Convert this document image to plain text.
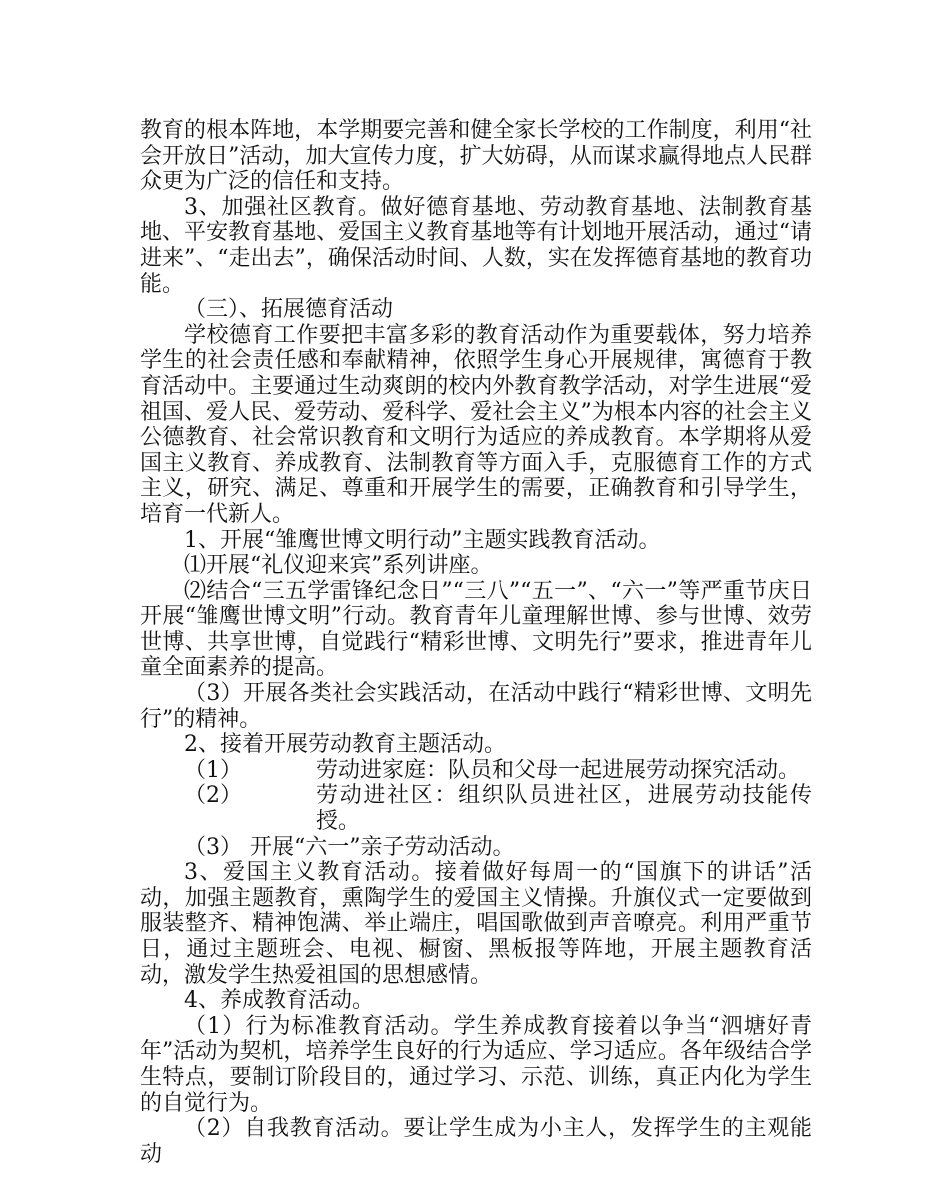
教育的根本阵地，本学期要完善和健全家长学校的工作制度，利用“社会开放日”活动，加大宣传力度，扩大妨碍，从而谋求赢得地点人民群众更为广泛的信任和支持。

3、加强社区教育。做好德育基地、劳动教育基地、法制教育基地、平安教育基地、爱国主义教育基地等有计划地开展活动，通过“请进来”、“走出去”，确保活动时间、人数，实在发挥德育基地的教育功能。

（三）、拓展德育活动

学校德育工作要把丰富多彩的教育活动作为重要载体，努力培养学生的社会责任感和奉献精神，依照学生身心开展规律，寓德育于教育活动中。主要通过生动爽朗的校内外教育教学活动，对学生进展“爱祖国、爱人民、爱劳动、爱科学、爱社会主义”为根本内容的社会主义公德教育、社会常识教育和文明行为适应的养成教育。本学期将从爱国主义教育、养成教育、法制教育等方面入手，克服德育工作的方式主义，研究、满足、尊重和开展学生的需要，正确教育和引导学生，培育一代新人。

1、开展“雏鹰世博文明行动”主题实践教育活动。

⑴开展“礼仪迎来宾”系列讲座。

⑵结合“三五学雷锋纪念日”“三八”“五一”、“六一”等严重节庆日开展“雏鹰世博文明”行动。教育青年儿童理解世博、参与世博、效劳世博、共享世博，自觉践行“精彩世博、文明先行”要求，推进青年儿童全面素养的提高。

（3）开展各类社会实践活动，在活动中践行“精彩世博、文明先行”的精神。

2、接着开展劳动教育主题活动。

（1）	劳动进家庭：队员和父母一起进展劳动探究活动。
（2）	劳动进社区：组织队员进社区，进展劳动技能传授。
（3） 开展“六一”亲子劳动活动。

3、爱国主义教育活动。接着做好每周一的“国旗下的讲话”活动，加强主题教育，熏陶学生的爱国主义情操。升旗仪式一定要做到服装整齐、精神饱满、举止端庄，唱国歌做到声音嘹亮。利用严重节日，通过主题班会、电视、橱窗、黑板报等阵地，开展主题教育活动，激发学生热爱祖国的思想感情。

4、养成教育活动。

（1）行为标准教育活动。学生养成教育接着以争当“泗塘好青年”活动为契机，培养学生良好的行为适应、学习适应。各年级结合学生特点，要制订阶段目的，通过学习、示范、训练，真正内化为学生的自觉行为。

（2）自我教育活动。要让学生成为小主人，发挥学生的主观能动
